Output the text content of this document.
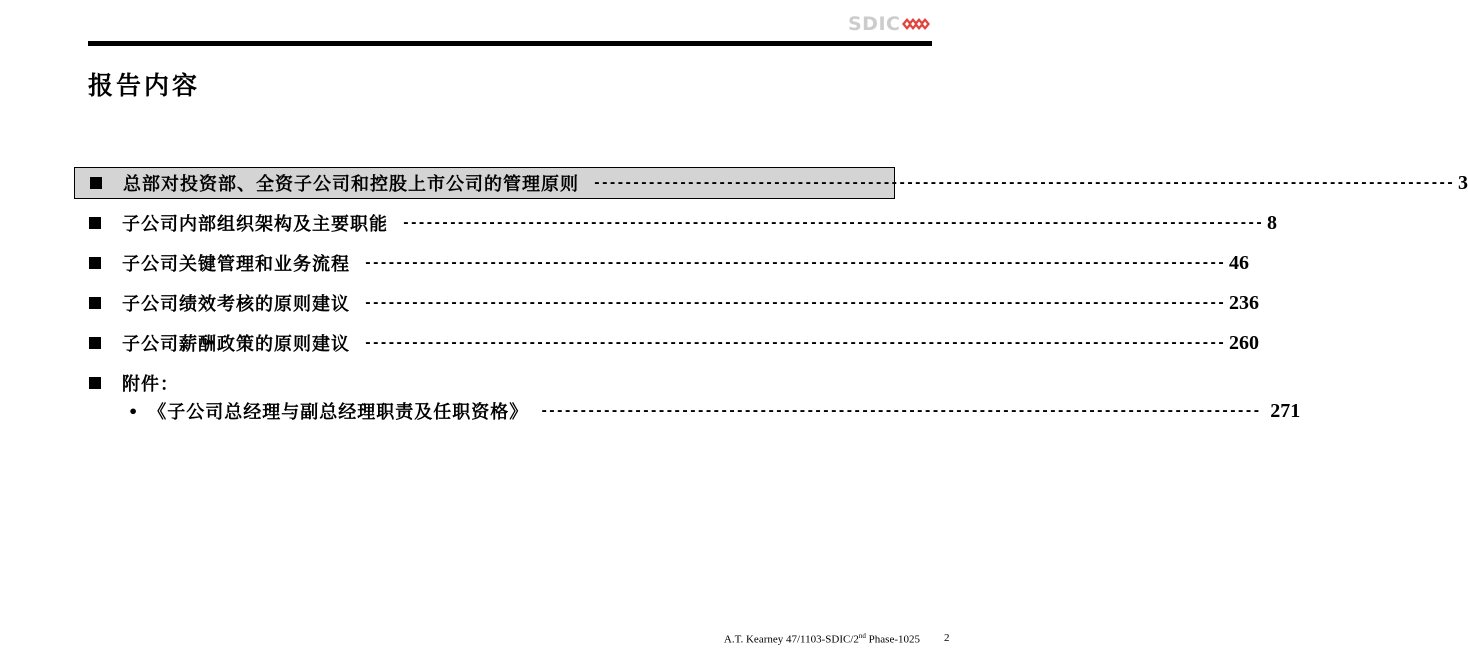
SDIC
报告内容
总部对投资部、全资子公司和控股上市公司的管理原则 -------------------------------------------------------------------------------------------------------------- 3
子公司内部组织架构及主要职能 -------------------------------------------------------------------------------------------------------------- 8
子公司关键管理和业务流程 -------------------------------------------------------------------------------------------------------------- 46
子公司绩效考核的原则建议 -------------------------------------------------------------------------------------------------------------- 236
子公司薪酬政策的原则建议 -------------------------------------------------------------------------------------------------------------- 260
附件：
• 《子公司总经理与副总经理职责及任职资格》 -------------------------------------------------------------------------------------------- 271
A.T. Kearney 47/1103-SDIC/2nd Phase-1025 2
